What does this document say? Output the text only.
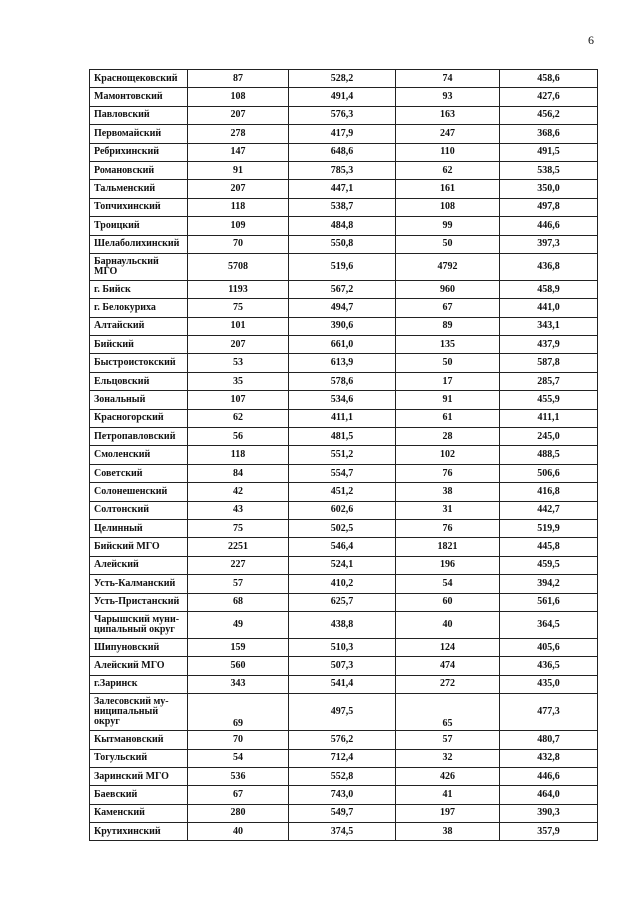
6
Краснощековский	87	528,2	74	458,6
Мамонтовский	108	491,4	93	427,6
Павловский	207	576,3	163	456,2
Первомайский	278	417,9	247	368,6
Ребрихинский	147	648,6	110	491,5
Романовский	91	785,3	62	538,5
Тальменский	207	447,1	161	350,0
Топчихинский	118	538,7	108	497,8
Троицкий	109	484,8	99	446,6
Шелаболихинский	70	550,8	50	397,3
Барнаульский МГО	5708	519,6	4792	436,8
г. Бийск	1193	567,2	960	458,9
г. Белокуриха	75	494,7	67	441,0
Алтайский	101	390,6	89	343,1
Бийский	207	661,0	135	437,9
Быстроистокский	53	613,9	50	587,8
Ельцовский	35	578,6	17	285,7
Зональный	107	534,6	91	455,9
Красногорский	62	411,1	61	411,1
Петропавловский	56	481,5	28	245,0
Смоленский	118	551,2	102	488,5
Советский	84	554,7	76	506,6
Солонешенский	42	451,2	38	416,8
Солтонский	43	602,6	31	442,7
Целинный	75	502,5	76	519,9
Бийский МГО	2251	546,4	1821	445,8
Алейский	227	524,1	196	459,5
Усть-Калманский	57	410,2	54	394,2
Усть-Пристанский	68	625,7	60	561,6
Чарышский муни-ципальный округ	49	438,8	40	364,5
Шипуновский	159	510,3	124	405,6
Алейский МГО	560	507,3	474	436,5
г.Заринск	343	541,4	272	435,0
Залесовский му-ниципальный округ	69	497,5	65	477,3
Кытмановский	70	576,2	57	480,7
Тогульский	54	712,4	32	432,8
Заринский МГО	536	552,8	426	446,6
Баевский	67	743,0	41	464,0
Каменский	280	549,7	197	390,3
Крутихинский	40	374,5	38	357,9
